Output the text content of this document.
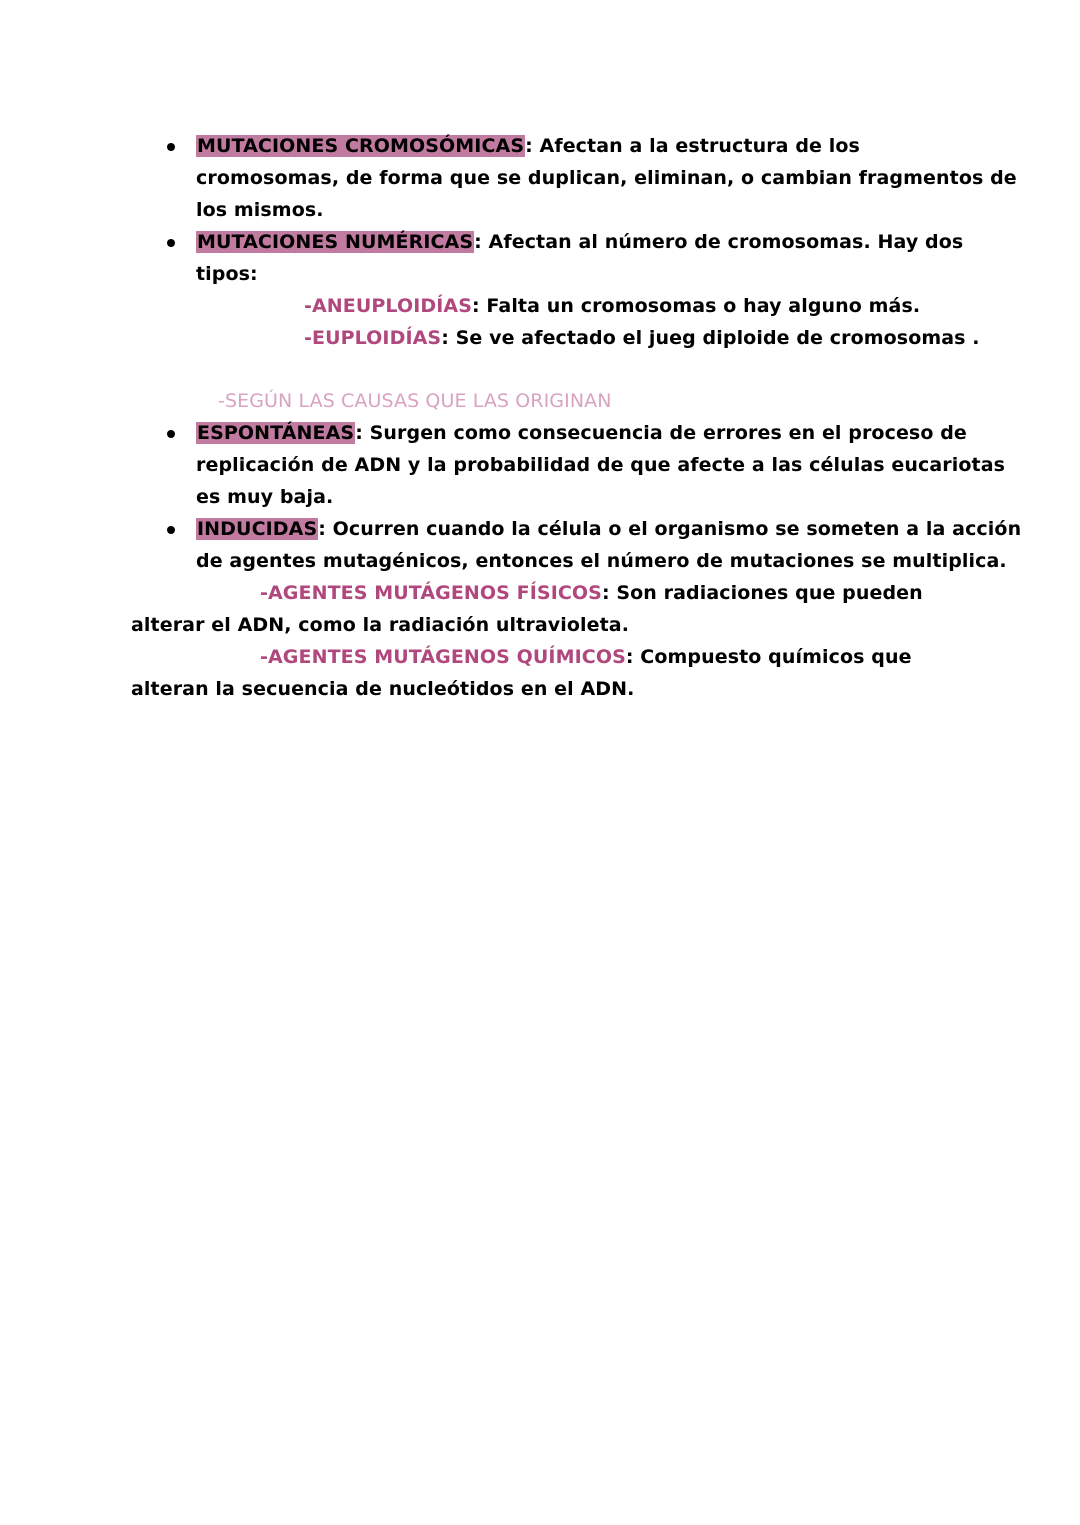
MUTACIONES CROMOSÓMICAS: Afectan a la estructura de los
cromosomas, de forma que se duplican, eliminan, o cambian fragmentos de
los mismos.
MUTACIONES NUMÉRICAS: Afectan al número de cromosomas. Hay dos
tipos:
-ANEUPLOIDÍAS: Falta un cromosomas o hay alguno más.
-EUPLOIDÍAS: Se ve afectado el jueg diploide de cromosomas .
-SEGÚN LAS CAUSAS QUE LAS ORIGINAN
ESPONTÁNEAS: Surgen como consecuencia de errores en el proceso de
replicación de ADN y la probabilidad de que afecte a las células eucariotas
es muy baja.
INDUCIDAS: Ocurren cuando la célula o el organismo se someten a la acción
de agentes mutagénicos, entonces el número de mutaciones se multiplica.
-AGENTES MUTÁGENOS FÍSICOS: Son radiaciones que pueden
alterar el ADN, como la radiación ultravioleta.
-AGENTES MUTÁGENOS QUÍMICOS: Compuesto químicos que
alteran la secuencia de nucleótidos en el ADN.
